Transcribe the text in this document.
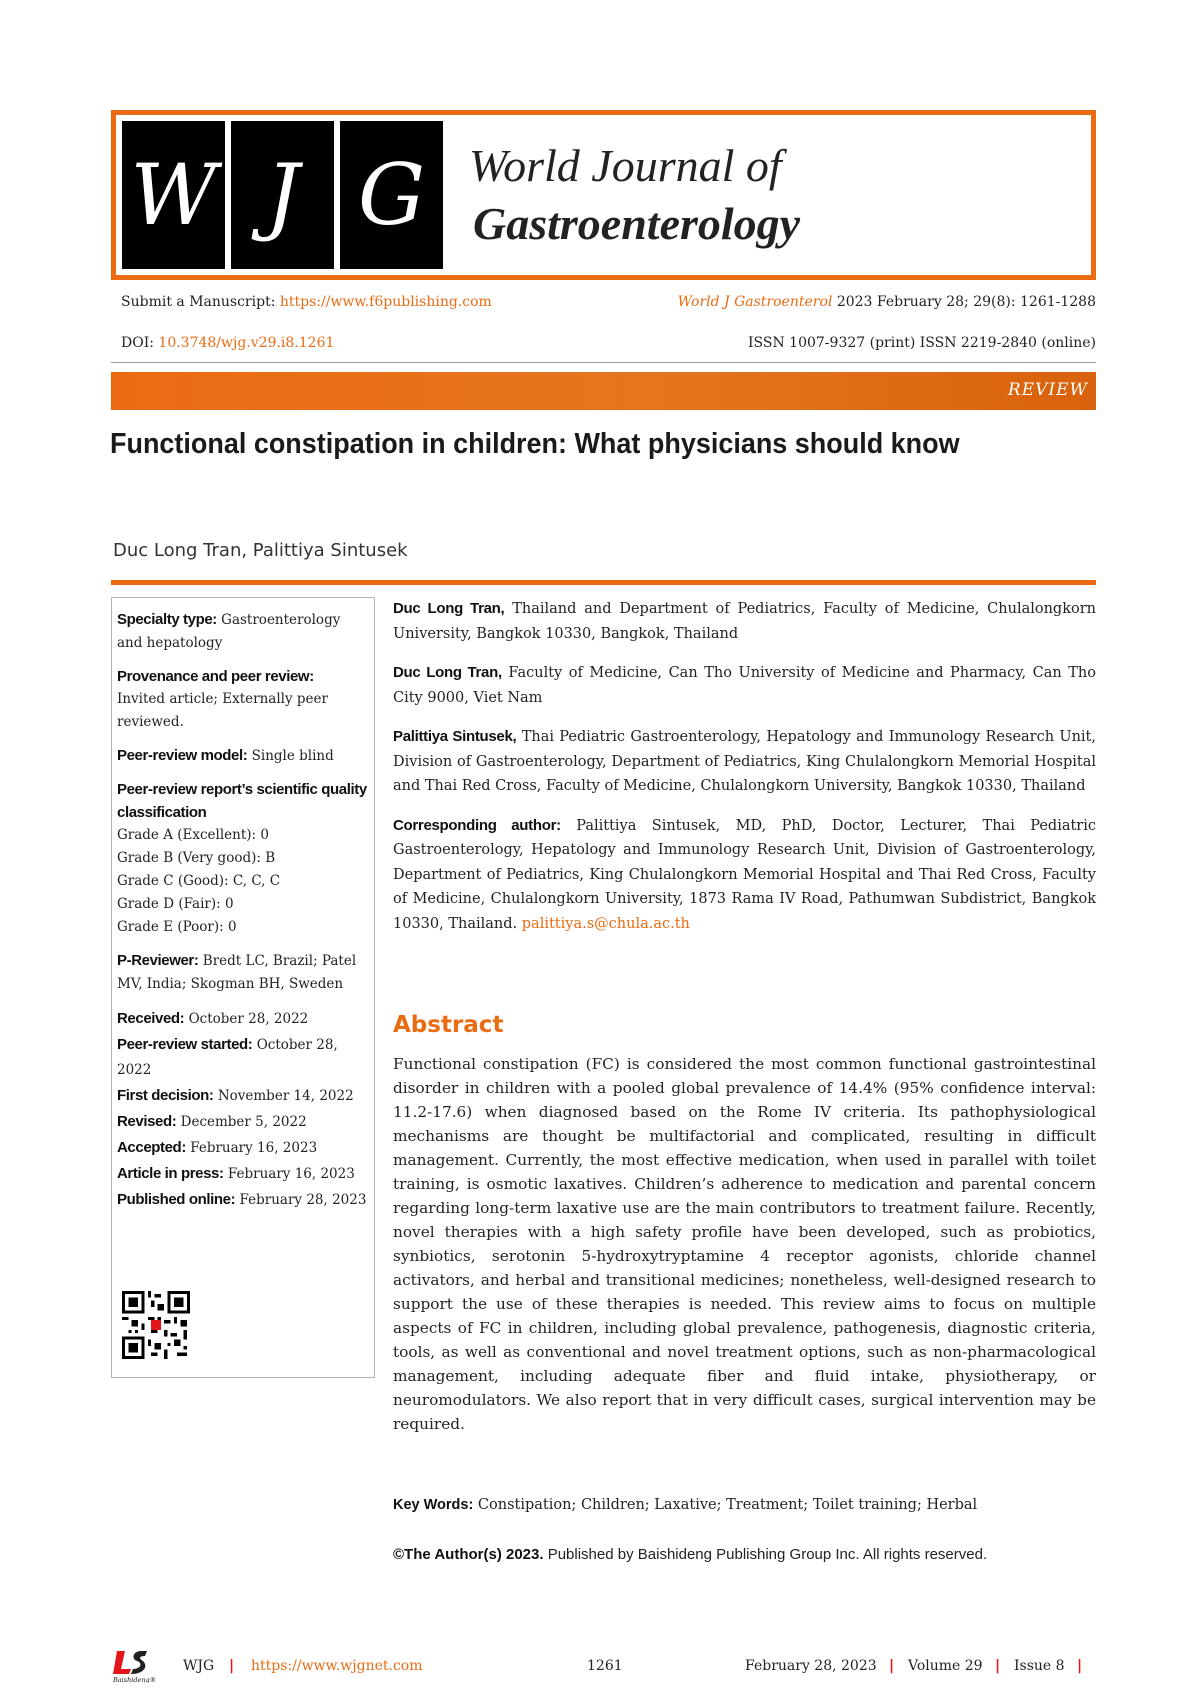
W J G World Journal of
Gastroenterology
Submit a Manuscript: https://www.f6publishing.com	World J Gastroenterol 2023 February 28; 29(8): 1261-1288
DOI: 10.3748/wjg.v29.i8.1261	ISSN 1007-9327 (print) ISSN 2219-2840 (online)
REVIEW
Functional constipation in children: What physicians should know
Duc Long Tran, Palittiya Sintusek
Specialty type: Gastroenterology and hepatology
Provenance and peer review:
Invited article; Externally peer reviewed.
Peer-review model: Single blind
Peer-review report’s scientific quality classification
Grade A (Excellent): 0
Grade B (Very good): B
Grade C (Good): C, C, C
Grade D (Fair): 0
Grade E (Poor): 0
P-Reviewer: Bredt LC, Brazil; Patel MV, India; Skogman BH, Sweden
Received: October 28, 2022
Peer-review started: October 28, 2022
First decision: November 14, 2022
Revised: December 5, 2022
Accepted: February 16, 2023
Article in press: February 16, 2023
Published online: February 28, 2023
Duc Long Tran, Thailand and Department of Pediatrics, Faculty of Medicine, Chulalongkorn University, Bangkok 10330, Bangkok, Thailand
Duc Long Tran, Faculty of Medicine, Can Tho University of Medicine and Pharmacy, Can Tho City 9000, Viet Nam
Palittiya Sintusek, Thai Pediatric Gastroenterology, Hepatology and Immunology Research Unit, Division of Gastroenterology, Department of Pediatrics, King Chulalongkorn Memorial Hospital and Thai Red Cross, Faculty of Medicine, Chulalongkorn University, Bangkok 10330, Thailand
Corresponding author: Palittiya Sintusek, MD, PhD, Doctor, Lecturer, Thai Pediatric Gastroenterology, Hepatology and Immunology Research Unit, Division of Gastroenterology, Department of Pediatrics, King Chulalongkorn Memorial Hospital and Thai Red Cross, Faculty of Medicine, Chulalongkorn University, 1873 Rama IV Road, Pathumwan Subdistrict, Bangkok 10330, Thailand. palittiya.s@chula.ac.th
Abstract
Functional constipation (FC) is considered the most common functional gastrointestinal disorder in children with a pooled global prevalence of 14.4% (95% confidence interval: 11.2-17.6) when diagnosed based on the Rome IV criteria. Its pathophysiological mechanisms are thought be multifactorial and complicated, resulting in difficult management. Currently, the most effective medication, when used in parallel with toilet training, is osmotic laxatives. Children’s adherence to medication and parental concern regarding long-term laxative use are the main contributors to treatment failure. Recently, novel therapies with a high safety profile have been developed, such as probiotics, synbiotics, serotonin 5-hydroxytryptamine 4 receptor agonists, chloride channel activators, and herbal and transitional medicines; nonetheless, well-designed research to support the use of these therapies is needed. This review aims to focus on multiple aspects of FC in children, including global prevalence, pathogenesis, diagnostic criteria, tools, as well as conventional and novel treatment options, such as non-pharmacological management, including adequate fiber and fluid intake, physiotherapy, or neuromodulators. We also report that in very difficult cases, surgical intervention may be required.
Key Words: Constipation; Children; Laxative; Treatment; Toilet training; Herbal
©The Author(s) 2023. Published by Baishideng Publishing Group Inc. All rights reserved.
Baishideng®
WJG | https://www.wjgnet.com	1261	February 28, 2023 | Volume 29 | Issue 8 |
